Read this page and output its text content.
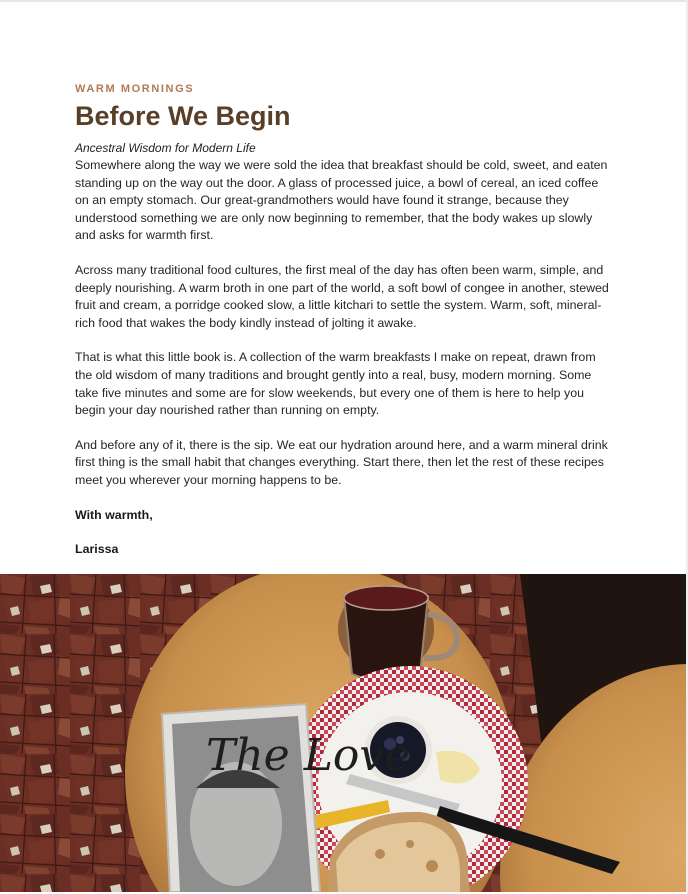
WARM MORNINGS

Before We Begin

Ancestral Wisdom for Modern Life

Somewhere along the way we were sold the idea that breakfast should be cold, sweet, and eaten standing up on the way out the door. A glass of processed juice, a bowl of cereal, an iced coffee on an empty stomach. Our great-grandmothers would have found it strange, because they understood something we are only now beginning to remember, that the body wakes up slowly and asks for warmth first.

Across many traditional food cultures, the first meal of the day has often been warm, simple, and deeply nourishing. A warm broth in one part of the world, a soft bowl of congee in another, stewed fruit and cream, a porridge cooked slow, a little kitchari to settle the system. Warm, soft, mineral-rich food that wakes the body kindly instead of jolting it awake.

That is what this little book is. A collection of the warm breakfasts I make on repeat, drawn from the old wisdom of many traditions and brought gently into a real, busy, modern morning. Some take five minutes and some are for slow weekends, but every one of them is here to help you begin your day nourished rather than running on empty.

And before any of it, there is the sip. We eat our hydration around here, and a warm mineral drink first thing is the small habit that changes everything. Start there, then let the rest of these recipes meet you wherever your morning happens to be.

With warmth,

Larissa

The Love
